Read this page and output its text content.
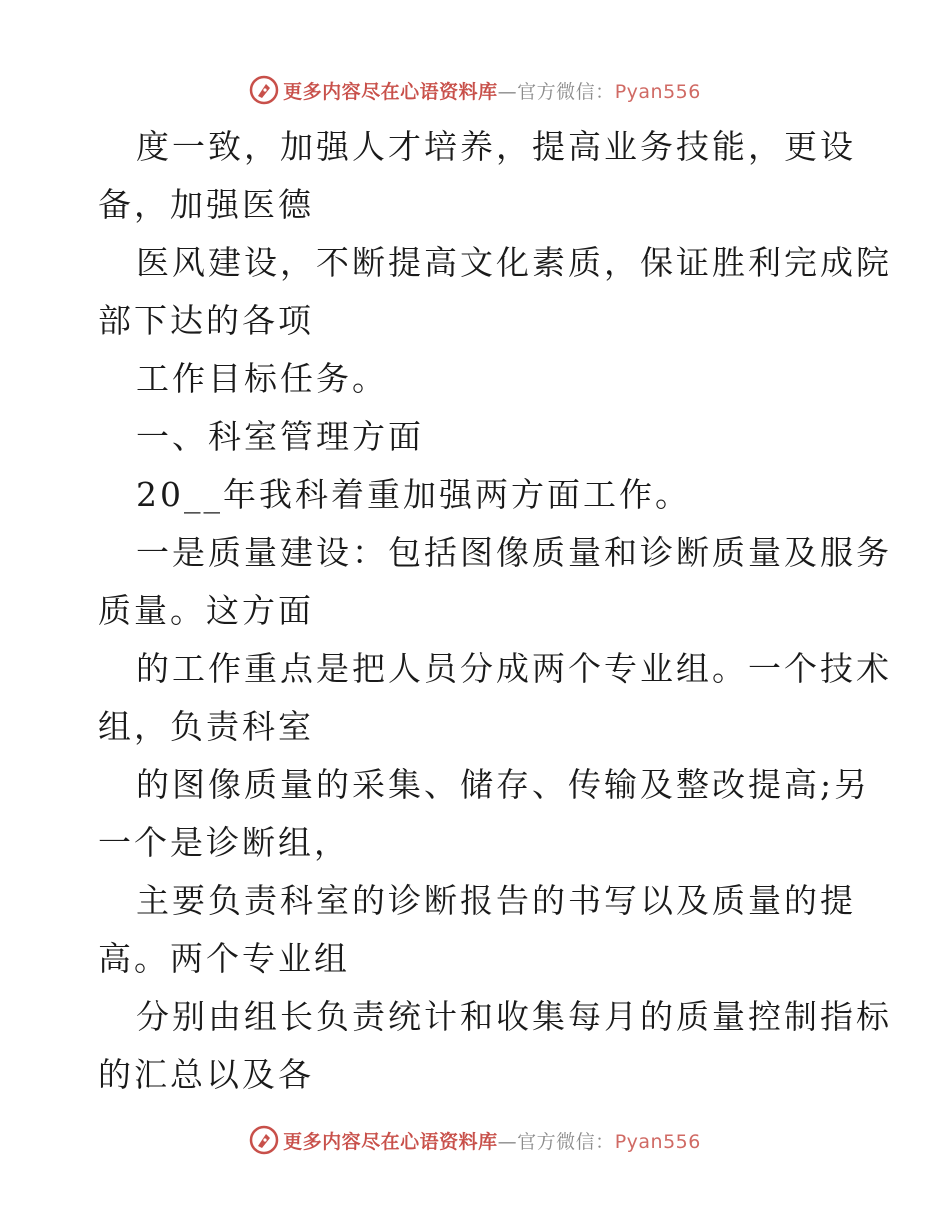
更多内容尽在心语资料库—官方微信：Pyan556
度一致，加强人才培养，提高业务技能，更设
备，加强医德
医风建设，不断提高文化素质，保证胜利完成院
部下达的各项
工作目标任务。
一、科室管理方面
20__年我科着重加强两方面工作。
一是质量建设：包括图像质量和诊断质量及服务
质量。这方面
的工作重点是把人员分成两个专业组。一个技术
组，负责科室
的图像质量的采集、储存、传输及整改提高;另
一个是诊断组，
主要负责科室的诊断报告的书写以及质量的提
高。两个专业组
分别由组长负责统计和收集每月的质量控制指标
的汇总以及各
更多内容尽在心语资料库—官方微信：Pyan556
